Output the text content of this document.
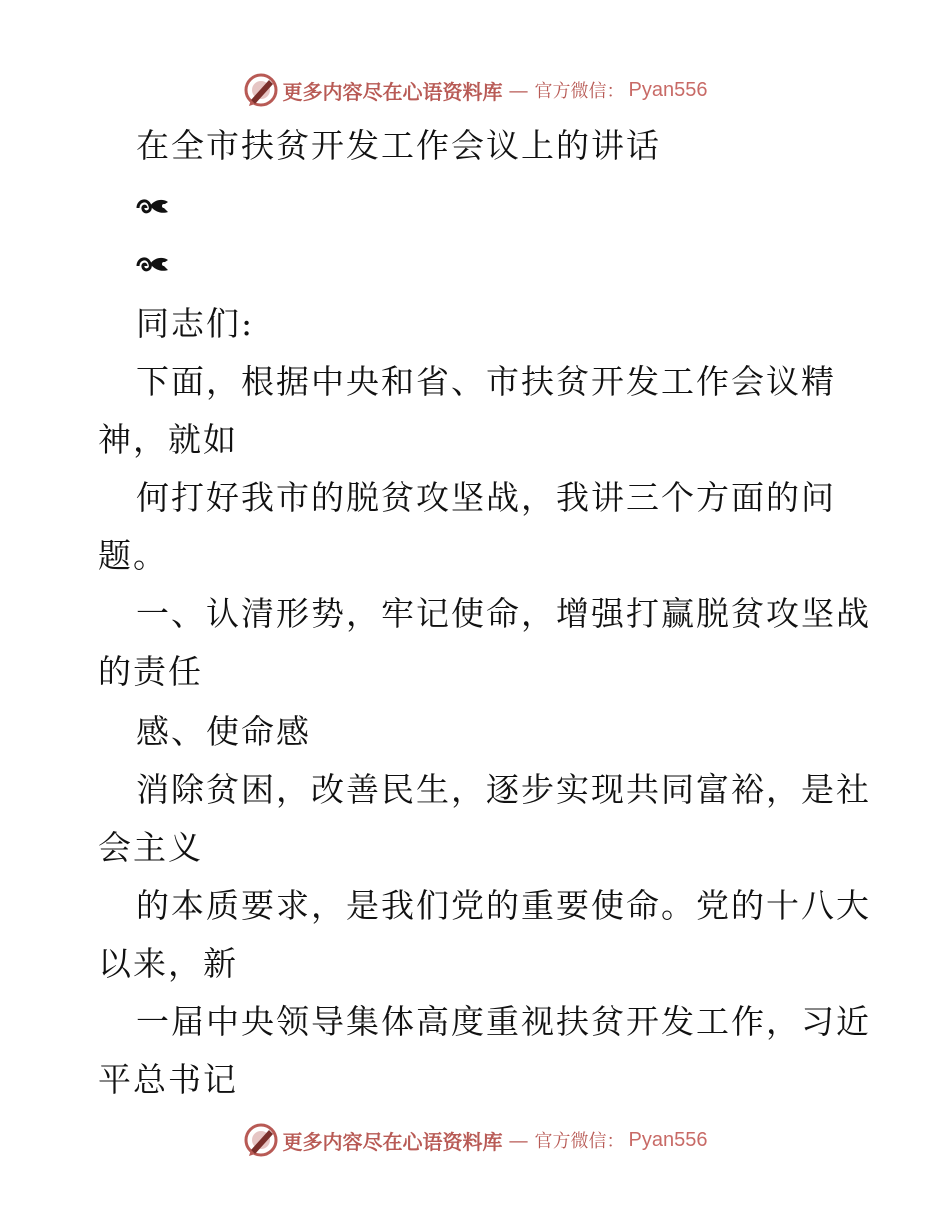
更多内容尽在心语资料库 — 官方微信： Pyan556
在全市扶贫开发工作会议上的讲话
同志们:
下面，根据中央和省、市扶贫开发工作会议精
神，就如
何打好我市的脱贫攻坚战，我讲三个方面的问
题。
一、认清形势，牢记使命，增强打赢脱贫攻坚战
的责任
感、使命感
消除贫困，改善民生，逐步实现共同富裕，是社
会主义
的本质要求，是我们党的重要使命。党的十八大
以来，新
一届中央领导集体高度重视扶贫开发工作，习近
平总书记
更多内容尽在心语资料库 — 官方微信： Pyan556
